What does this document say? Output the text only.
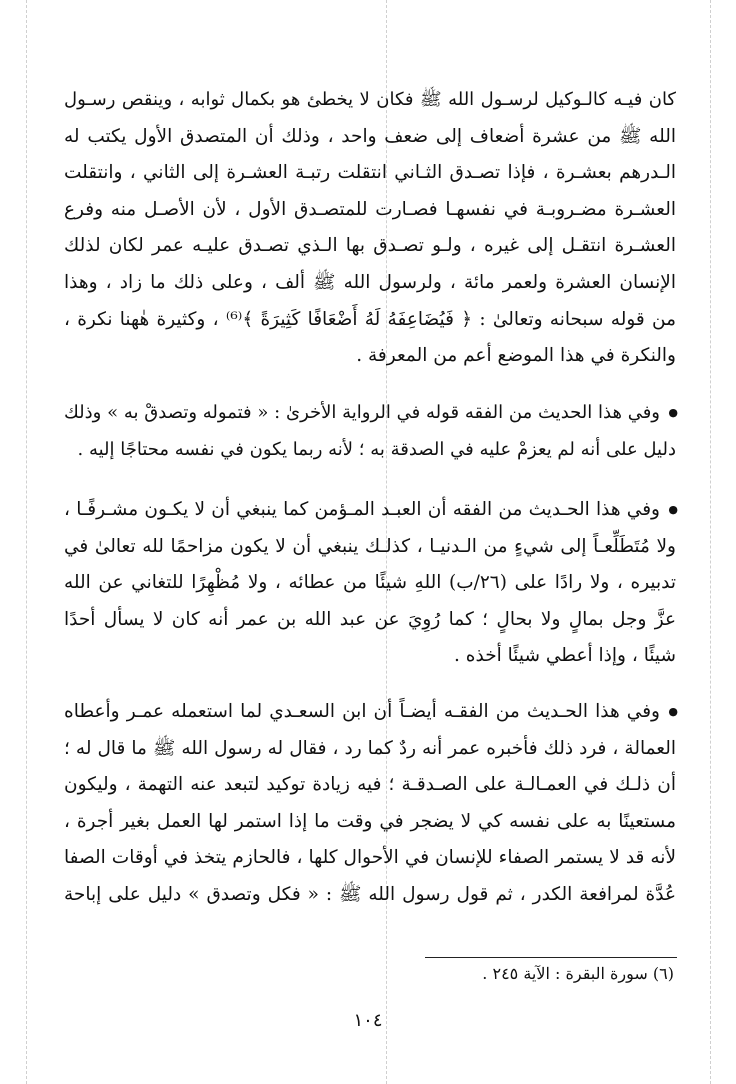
كان فيـه كالـوكيل لرسـول الله ﷺ فكان لا يخطئ هو بكمال ثوابه ، وينقص رسـول
الله ﷺ من عشرة أضعاف إلى ضعف واحد ، وذلك أن المتصدق الأول يكتب له
الـدرهم بعشـرة ، فإذا تصـدق الثـاني انتقلت رتبـة العشـرة إلى الثاني ، وانتقلت
العشـرة مضـروبـة في نفسهـا فصـارت للمتصـدق الأول ، لأن الأصـل منه وفرع
العشـرة انتقـل إلى غيره ، ولـو تصـدق بها الـذي تصـدق عليـه عمر لكان لذلك
الإنسان العشرة ولعمر مائة ، ولرسول الله ﷺ ألف ، وعلى ذلك ما زاد ، وهذا
من قوله سبحانه وتعالىٰ : ﴿ فَيُضَاعِفَهُ لَهُ أَضْعَافًا كَثِيرَةً ﴾⁽⁶⁾ ، وكثيرة هٰهنا نكرة ،
والنكرة في هذا الموضع أعم من المعرفة .
●
وفي هذا الحديث من الفقه قوله في الرواية الأخرىٰ : « فتموله وتصدقْ به » وذلك
دليل على أنه لم يعزمْ عليه في الصدقة به ؛ لأنه ربما يكون في نفسه محتاجًا إليه .
●
وفي هذا الحـديث من الفقه أن العبـد المـؤمن كما ينبغي أن لا يكـون مشـرفًـا ،
ولا مُتَطَلِّعـاً إلى شيءٍ من الـدنيـا ، كذلـك ينبغي أن لا يكون مزاحمًا لله تعالىٰ في
تدبيره ، ولا رادًا على (٢٦/ب) اللهِ شيئًا من عطائه ، ولا مُظْهِرًا للتغاني عن الله
عزَّ وجل بمالٍ ولا بحالٍ ؛ كما رُوِيَ عن عبد الله بن عمر أنه كان لا يسأل أحدًا
شيئًا ، وإذا أعطي شيئًا أخذه .
●
وفي هذا الحـديث من الفقـه أيضـاً أن ابن السعـدي لما استعمله عمـر وأعطاه
العمالة ، فرد ذلك فأخبره عمر أنه ردٌ كما رد ، فقال له رسول الله ﷺ ما قال له ؛
أن ذلـك في العمـالـة على الصـدقـة ؛ فيه زيادة توكيد لتبعد عنه التهمة ، وليكون
مستعينًا به على نفسه كي لا يضجر في وقت ما إذا استمر لها العمل بغير أجرة ،
لأنه قد لا يستمر الصفاء للإنسان في الأحوال كلها ، فالحازم يتخذ في أوقات الصفا
عُدَّة لمرافعة الكدر ، ثم قول رسول الله ﷺ : « فكل وتصدق » دليل على إباحة
(٦) سورة البقرة : الآية ٢٤٥ .
١٠٤
